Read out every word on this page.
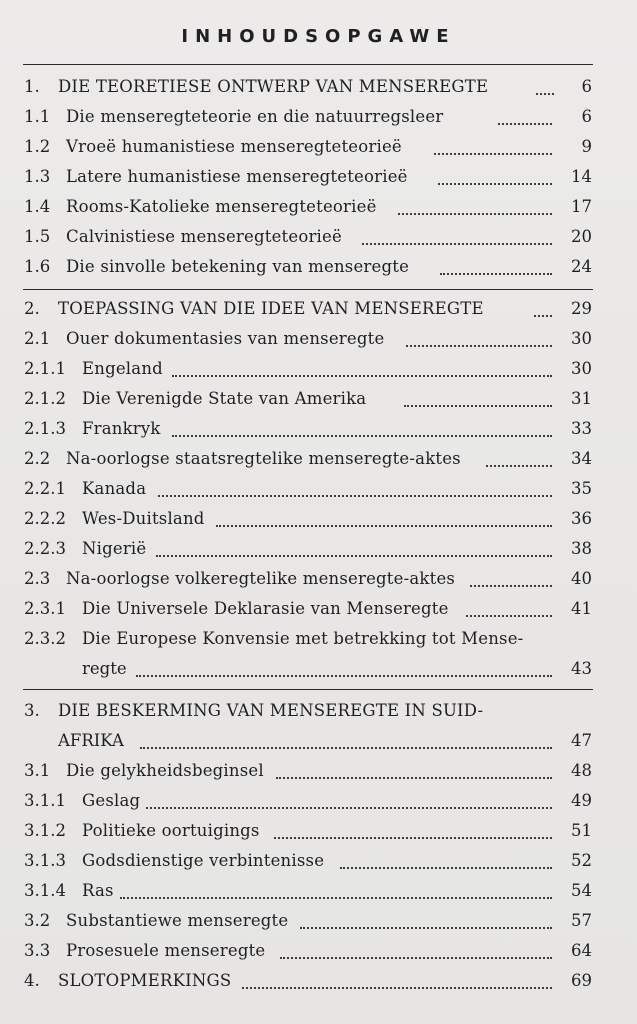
INHOUDSOPGAWE
1. DIE TEORETIESE ONTWERP VAN MENSEREGTE	6
1.1 Die menseregteteorie en die natuurregsleer	6
1.2 Vroeë humanistiese menseregteteorieë	9
1.3 Latere humanistiese menseregteteorieë	14
1.4 Rooms-Katolieke menseregteteorieë	17
1.5 Calvinistiese menseregteteorieë	20
1.6 Die sinvolle betekening van menseregte	24
2. TOEPASSING VAN DIE IDEE VAN MENSEREGTE	29
2.1 Ouer dokumentasies van menseregte	30
2.1.1 Engeland	30
2.1.2 Die Verenigde State van Amerika	31
2.1.3 Frankryk	33
2.2 Na-oorlogse staatsregtelike menseregte-aktes	34
2.2.1 Kanada	35
2.2.2 Wes-Duitsland	36
2.2.3 Nigerië	38
2.3 Na-oorlogse volkeregtelike menseregte-aktes	40
2.3.1 Die Universele Deklarasie van Menseregte	41
2.3.2 Die Europese Konvensie met betrekking tot Mense-
regte	43
3. DIE BESKERMING VAN MENSEREGTE IN SUID-
AFRIKA	47
3.1 Die gelykheidsbeginsel	48
3.1.1 Geslag	49
3.1.2 Politieke oortuigings	51
3.1.3 Godsdienstige verbintenisse	52
3.1.4 Ras	54
3.2 Substantiewe menseregte	57
3.3 Prosesuele menseregte	64
4. SLOTOPMERKINGS	69
